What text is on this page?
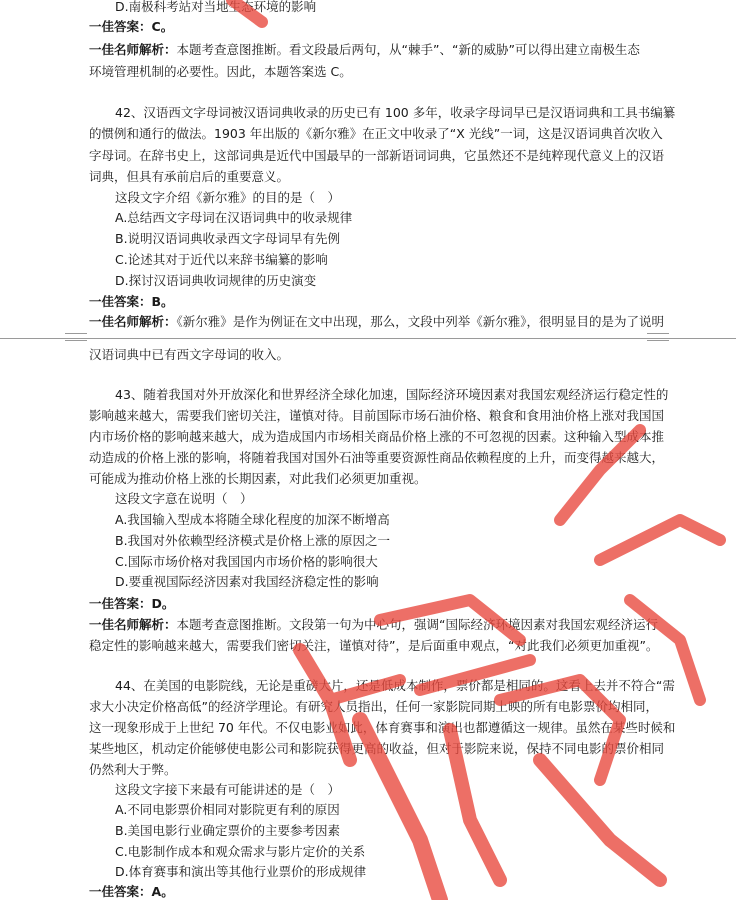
D.南极科考站对当地生态环境的影响
一佳答案：C。
一佳名师解析：本题考查意图推断。看文段最后两句，从“棘手”、“新的威胁”可以得出建立南极生态
环境管理机制的必要性。因此，本题答案选 C。
42、汉语西文字母词被汉语词典收录的历史已有 100 多年，收录字母词早已是汉语词典和工具书编纂
的惯例和通行的做法。1903 年出版的《新尔雅》在正文中收录了“X 光线”一词，这是汉语词典首次收入
字母词。在辞书史上，这部词典是近代中国最早的一部新语词词典，它虽然还不是纯粹现代意义上的汉语
词典，但具有承前启后的重要意义。
这段文字介绍《新尔雅》的目的是（　）
A.总结西文字母词在汉语词典中的收录规律
B.说明汉语词典收录西文字母词早有先例
C.论述其对于近代以来辞书编纂的影响
D.探讨汉语词典收词规律的历史演变
一佳答案：B。
一佳名师解析：《新尔雅》是作为例证在文中出现，那么，文段中列举《新尔雅》，很明显目的是为了说明
汉语词典中已有西文字母词的收入。
43、随着我国对外开放深化和世界经济全球化加速，国际经济环境因素对我国宏观经济运行稳定性的
影响越来越大，需要我们密切关注，谨慎对待。目前国际市场石油价格、粮食和食用油价格上涨对我国国
内市场价格的影响越来越大，成为造成国内市场相关商品价格上涨的不可忽视的因素。这种输入型成本推
动造成的价格上涨的影响，将随着我国对国外石油等重要资源性商品依赖程度的上升，而变得越来越大，
可能成为推动价格上涨的长期因素，对此我们必须更加重视。
这段文字意在说明（　）
A.我国输入型成本将随全球化程度的加深不断增高
B.我国对外依赖型经济模式是价格上涨的原因之一
C.国际市场价格对我国国内市场价格的影响很大
D.要重视国际经济因素对我国经济稳定性的影响
一佳答案：D。
一佳名师解析：本题考查意图推断。文段第一句为中心句，强调“国际经济环境因素对我国宏观经济运行
稳定性的影响越来越大，需要我们密切关注，谨慎对待”，是后面重申观点，“对此我们必须更加重视”。
44、在美国的电影院线，无论是重磅大片，还是低成本制作，票价都是相同的。这看上去并不符合“需
求大小决定价格高低”的经济学理论。有研究人员指出，任何一家影院同期上映的所有电影票价均相同，
这一现象形成于上世纪 70 年代。不仅电影业如此，体育赛事和演出也都遵循这一规律。虽然在某些时候和
某些地区，机动定价能够使电影公司和影院获得更高的收益，但对于影院来说，保持不同电影的票价相同
仍然利大于弊。
这段文字接下来最有可能讲述的是（　）
A.不同电影票价相同对影院更有利的原因
B.美国电影行业确定票价的主要参考因素
C.电影制作成本和观众需求与影片定价的关系
D.体育赛事和演出等其他行业票价的形成规律
一佳答案：A。
